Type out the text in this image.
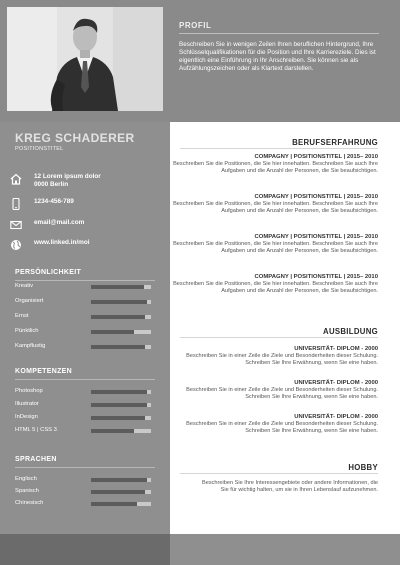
PROFIL
Beschreiben Sie in wenigen Zeilen Ihren beruflichen Hintergrund, Ihre Schlüsselqualifikationen für die Position und Ihre Karriereziele. Dies ist eigentlich eine Einführung in Ihr Anschreiben. Sie können sie als Aufzählungszeichen oder als Klartext darstellen.
KREG SCHADERER
POSITIONSTITEL
12 Lorem ipsum dolor
0000 Berlin
1234-456-789
email@mail.com
www.linked.in/moi
PERSÖNLICHKEIT
Kreativ
Organisiert
Ernst
Pünktlich
Kampflustig
KOMPETENZEN
Photoshop
Illustrator
InDesign
HTML 5 | CSS 3
SPRACHEN
Englisch
Spanisch
Chinesisch
BERUFSERFAHRUNG
COMPAGNY | POSITIONSTITEL | 2015– 2010
Beschreiben Sie die Positionen, die Sie hier innehatten. Beschreiben Sie auch Ihre Aufgaben und die Anzahl der Personen, die Sie beaufsichtigen.
COMPAGNY | POSITIONSTITEL | 2015– 2010
Beschreiben Sie die Positionen, die Sie hier innehatten. Beschreiben Sie auch Ihre Aufgaben und die Anzahl der Personen, die Sie beaufsichtigen.
COMPAGNY | POSITIONSTITEL | 2015– 2010
Beschreiben Sie die Positionen, die Sie hier innehatten. Beschreiben Sie auch Ihre Aufgaben und die Anzahl der Personen, die Sie beaufsichtigen.
COMPAGNY | POSITIONSTITEL | 2015– 2010
Beschreiben Sie die Positionen, die Sie hier innehatten. Beschreiben Sie auch Ihre Aufgaben und die Anzahl der Personen, die Sie beaufsichtigen.
AUSBILDUNG
UNIVERSITÄT- DIPLOM - 2000
Beschreiben Sie in einer Zeile die Ziele und Besonderheiten dieser Schulung. Schreiben Sie Ihre Erwähnung, wenn Sie eine haben.
UNIVERSITÄT- DIPLOM - 2000
Beschreiben Sie in einer Zeile die Ziele und Besonderheiten dieser Schulung. Schreiben Sie Ihre Erwähnung, wenn Sie eine haben.
UNIVERSITÄT- DIPLOM - 2000
Beschreiben Sie in einer Zeile die Ziele und Besonderheiten dieser Schulung. Schreiben Sie Ihre Erwähnung, wenn Sie eine haben.
HOBBY
Beschreiben Sie Ihre Interessengebiete oder andere Informationen, die Sie für wichtig halten, um sie in Ihren Lebenslauf aufzunehmen.
